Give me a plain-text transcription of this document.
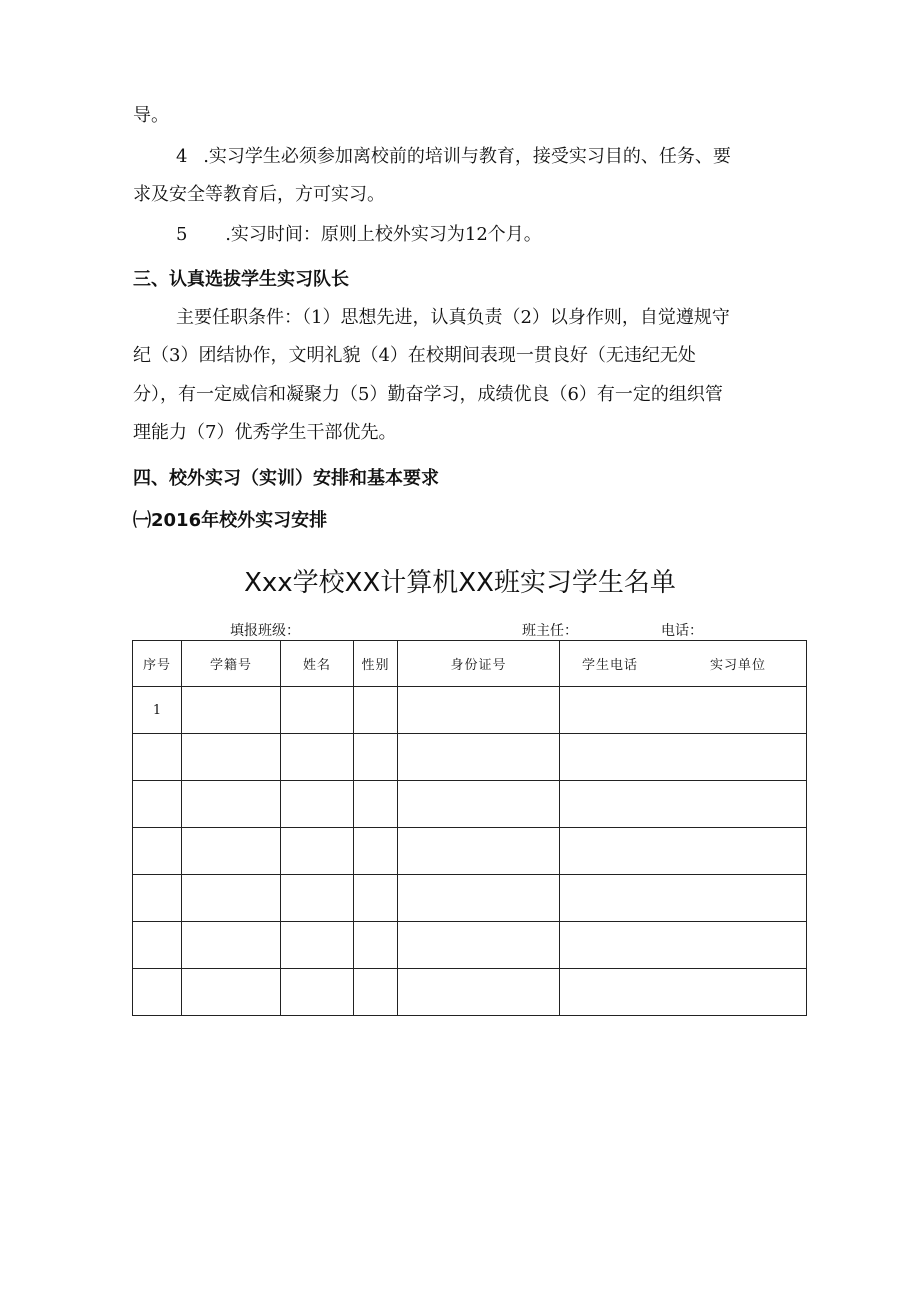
导。
4 .实习学生必须参加离校前的培训与教育，接受实习目的、任务、要
求及安全等教育后，方可实习。
5 .实习时间：原则上校外实习为12个月。
三、认真选拔学生实习队长
主要任职条件：（1）思想先进，认真负责（2）以身作则，自觉遵规守
纪（3）团结协作，文明礼貌（4）在校期间表现一贯良好（无违纪无处
分），有一定威信和凝聚力（5）勤奋学习，成绩优良（6）有一定的组织管
理能力（7）优秀学生干部优先。
四、校外实习（实训）安排和基本要求
㈠2016年校外实习安排
Xxx学校XX计算机XX班实习学生名单
填报班级：	班主任：	电话：
序号	学籍号	姓名	性别	身份证号	学生电话 实习单位

1					
